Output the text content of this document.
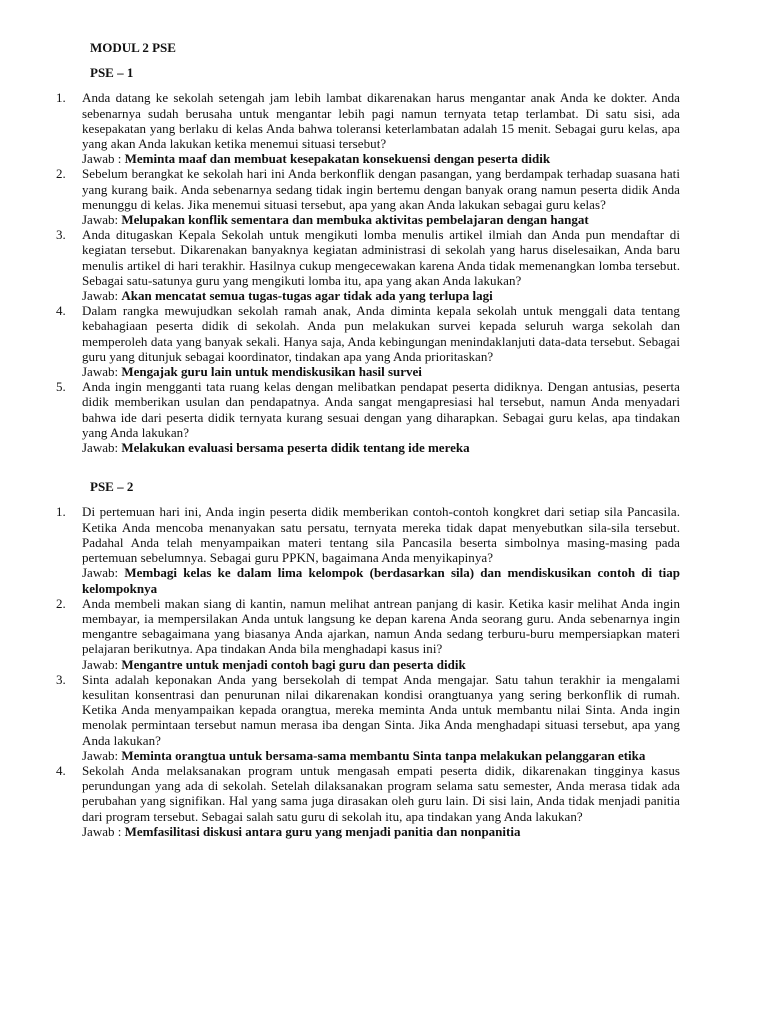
MODUL 2 PSE
PSE – 1
1. Anda datang ke sekolah setengah jam lebih lambat dikarenakan harus mengantar anak Anda ke dokter. Anda sebenarnya sudah berusaha untuk mengantar lebih pagi namun ternyata tetap terlambat. Di satu sisi, ada kesepakatan yang berlaku di kelas Anda bahwa toleransi keterlambatan adalah 15 menit. Sebagai guru kelas, apa yang akan Anda lakukan ketika menemui situasi tersebut?
Jawab : Meminta maaf dan membuat kesepakatan konsekuensi dengan peserta didik
2. Sebelum berangkat ke sekolah hari ini Anda berkonflik dengan pasangan, yang berdampak terhadap suasana hati yang kurang baik. Anda sebenarnya sedang tidak ingin bertemu dengan banyak orang namun peserta didik Anda menunggu di kelas. Jika menemui situasi tersebut, apa yang akan Anda lakukan sebagai guru kelas?
Jawab: Melupakan konflik sementara dan membuka aktivitas pembelajaran dengan hangat
3. Anda ditugaskan Kepala Sekolah untuk mengikuti lomba menulis artikel ilmiah dan Anda pun mendaftar di kegiatan tersebut. Dikarenakan banyaknya kegiatan administrasi di sekolah yang harus diselesaikan, Anda baru menulis artikel di hari terakhir. Hasilnya cukup mengecewakan karena Anda tidak memenangkan lomba tersebut. Sebagai satu-satunya guru yang mengikuti lomba itu, apa yang akan Anda lakukan?
Jawab: Akan mencatat semua tugas-tugas agar tidak ada yang terlupa lagi
4. Dalam rangka mewujudkan sekolah ramah anak, Anda diminta kepala sekolah untuk menggali data tentang kebahagiaan peserta didik di sekolah. Anda pun melakukan survei kepada seluruh warga sekolah dan memperoleh data yang banyak sekali. Hanya saja, Anda kebingungan menindaklanjuti data-data tersebut. Sebagai guru yang ditunjuk sebagai koordinator, tindakan apa yang Anda prioritaskan?
Jawab: Mengajak guru lain untuk mendiskusikan hasil survei
5. Anda ingin mengganti tata ruang kelas dengan melibatkan pendapat peserta didiknya. Dengan antusias, peserta didik memberikan usulan dan pendapatnya. Anda sangat mengapresiasi hal tersebut, namun Anda menyadari bahwa ide dari peserta didik ternyata kurang sesuai dengan yang diharapkan. Sebagai guru kelas, apa tindakan yang Anda lakukan?
Jawab: Melakukan evaluasi bersama peserta didik tentang ide mereka
PSE – 2
1. Di pertemuan hari ini, Anda ingin peserta didik memberikan contoh-contoh kongkret dari setiap sila Pancasila. Ketika Anda mencoba menanyakan satu persatu, ternyata mereka tidak dapat menyebutkan sila-sila tersebut. Padahal Anda telah menyampaikan materi tentang sila Pancasila beserta simbolnya masing-masing pada pertemuan sebelumnya. Sebagai guru PPKN, bagaimana Anda menyikapinya?
Jawab: Membagi kelas ke dalam lima kelompok (berdasarkan sila) dan mendiskusikan contoh di tiap kelompoknya
2. Anda membeli makan siang di kantin, namun melihat antrean panjang di kasir. Ketika kasir melihat Anda ingin membayar, ia mempersilakan Anda untuk langsung ke depan karena Anda seorang guru. Anda sebenarnya ingin mengantre sebagaimana yang biasanya Anda ajarkan, namun Anda sedang terburu-buru mempersiapkan materi pelajaran berikutnya. Apa tindakan Anda bila menghadapi kasus ini?
Jawab: Mengantre untuk menjadi contoh bagi guru dan peserta didik
3. Sinta adalah keponakan Anda yang bersekolah di tempat Anda mengajar. Satu tahun terakhir ia mengalami kesulitan konsentrasi dan penurunan nilai dikarenakan kondisi orangtuanya yang sering berkonflik di rumah. Ketika Anda menyampaikan kepada orangtua, mereka meminta Anda untuk membantu nilai Sinta. Anda ingin menolak permintaan tersebut namun merasa iba dengan Sinta. Jika Anda menghadapi situasi tersebut, apa yang Anda lakukan?
Jawab: Meminta orangtua untuk bersama-sama membantu Sinta tanpa melakukan pelanggaran etika
4. Sekolah Anda melaksanakan program untuk mengasah empati peserta didik, dikarenakan tingginya kasus perundungan yang ada di sekolah. Setelah dilaksanakan program selama satu semester, Anda merasa tidak ada perubahan yang signifikan. Hal yang sama juga dirasakan oleh guru lain. Di sisi lain, Anda tidak menjadi panitia dari program tersebut. Sebagai salah satu guru di sekolah itu, apa tindakan yang Anda lakukan?
Jawab : Memfasilitasi diskusi antara guru yang menjadi panitia dan nonpanitia
